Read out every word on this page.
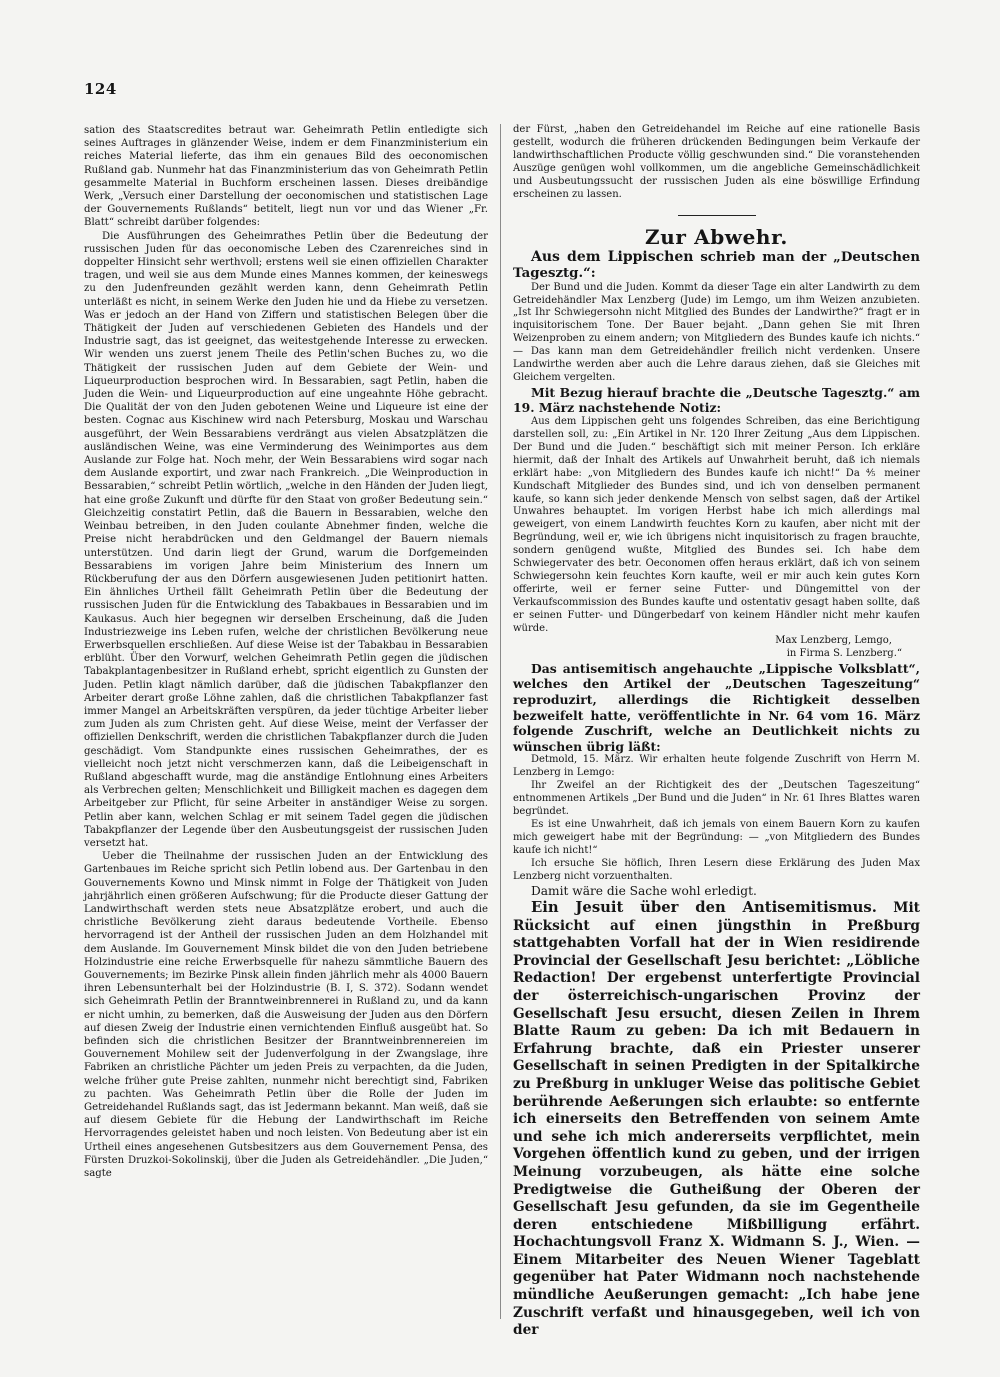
124

sation des Staatscredites betraut war. Geheimrath Petlin entledigte sich seines Auftrages in glänzender Weise, indem er dem Finanzministerium ein reiches Material lieferte, das ihm ein genaues Bild des oeconomischen Rußland gab. Nunmehr hat das Finanzministerium das von Geheimrath Petlin gesammelte Material in Buchform erscheinen lassen. Dieses dreibändige Werk, „Versuch einer Darstellung der oeconomischen und statistischen Lage der Gouvernements Rußlands“ betitelt, liegt nun vor und das Wiener „Fr. Blatt“ schreibt darüber folgendes:

Die Ausführungen des Geheimrathes Petlin über die Bedeutung der russischen Juden für das oeconomische Leben des Czarenreiches sind in doppelter Hinsicht sehr werthvoll; erstens weil sie einen offiziellen Charakter tragen, und weil sie aus dem Munde eines Mannes kommen, der keineswegs zu den Judenfreunden gezählt werden kann, denn Geheimrath Petlin unterläßt es nicht, in seinem Werke den Juden hie und da Hiebe zu versetzen. Was er jedoch an der Hand von Ziffern und statistischen Belegen über die Thätigkeit der Juden auf verschiedenen Gebieten des Handels und der Industrie sagt, das ist geeignet, das weitestgehende Interesse zu erwecken. Wir wenden uns zuerst jenem Theile des Petlin'schen Buches zu, wo die Thätigkeit der russischen Juden auf dem Gebiete der Wein- und Liqueurproduction besprochen wird. In Bessarabien, sagt Petlin, haben die Juden die Wein- und Liqueurproduction auf eine ungeahnte Höhe gebracht. Die Qualität der von den Juden gebotenen Weine und Liqueure ist eine der besten. Cognac aus Kischinew wird nach Petersburg, Moskau und Warschau ausgeführt, der Wein Bessarabiens verdrängt aus vielen Absatzplätzen die ausländischen Weine, was eine Verminderung des Weinimportes aus dem Auslande zur Folge hat. Noch mehr, der Wein Bessarabiens wird sogar nach dem Auslande exportirt, und zwar nach Frankreich. „Die Weinproduction in Bessarabien,“ schreibt Petlin wörtlich, „welche in den Händen der Juden liegt, hat eine große Zukunft und dürfte für den Staat von großer Bedeutung sein.“ Gleichzeitig constatirt Petlin, daß die Bauern in Bessarabien, welche den Weinbau betreiben, in den Juden coulante Abnehmer finden, welche die Preise nicht herabdrücken und den Geldmangel der Bauern niemals unterstützen. Und darin liegt der Grund, warum die Dorfgemeinden Bessarabiens im vorigen Jahre beim Ministerium des Innern um Rückberufung der aus den Dörfern ausgewiesenen Juden petitionirt hatten. Ein ähnliches Urtheil fällt Geheimrath Petlin über die Bedeutung der russischen Juden für die Entwicklung des Tabakbaues in Bessarabien und im Kaukasus. Auch hier begegnen wir derselben Erscheinung, daß die Juden Industriezweige ins Leben rufen, welche der christlichen Bevölkerung neue Erwerbsquellen erschließen. Auf diese Weise ist der Tabakbau in Bessarabien erblüht. Über den Vorwurf, welchen Geheimrath Petlin gegen die jüdischen Tabakplantagenbesitzer in Rußland erhebt, spricht eigentlich zu Gunsten der Juden. Petlin klagt nämlich darüber, daß die jüdischen Tabakpflanzer den Arbeiter derart große Löhne zahlen, daß die christlichen Tabakpflanzer fast immer Mangel an Arbeitskräften verspüren, da jeder tüchtige Arbeiter lieber zum Juden als zum Christen geht. Auf diese Weise, meint der Verfasser der offiziellen Denkschrift, werden die christlichen Tabakpflanzer durch die Juden geschädigt. Vom Standpunkte eines russischen Geheimrathes, der es vielleicht noch jetzt nicht verschmerzen kann, daß die Leibeigenschaft in Rußland abgeschafft wurde, mag die anständige Entlohnung eines Arbeiters als Verbrechen gelten; Menschlichkeit und Billigkeit machen es dagegen dem Arbeitgeber zur Pflicht, für seine Arbeiter in anständiger Weise zu sorgen. Petlin aber kann, welchen Schlag er mit seinem Tadel gegen die jüdischen Tabakpflanzer der Legende über den Ausbeutungsgeist der russischen Juden versetzt hat.

Ueber die Theilnahme der russischen Juden an der Entwicklung des Gartenbaues im Reiche spricht sich Petlin lobend aus. Der Gartenbau in den Gouvernements Kowno und Minsk nimmt in Folge der Thätigkeit von Juden jahrjährlich einen größeren Aufschwung; für die Producte dieser Gattung der Landwirthschaft werden stets neue Absatzplätze erobert, und auch die christliche Bevölkerung zieht daraus bedeutende Vortheile. Ebenso hervorragend ist der Antheil der russischen Juden an dem Holzhandel mit dem Auslande. Im Gouvernement Minsk bildet die von den Juden betriebene Holzindustrie eine reiche Erwerbsquelle für nahezu sämmtliche Bauern des Gouvernements; im Bezirke Pinsk allein finden jährlich mehr als 4000 Bauern ihren Lebensunterhalt bei der Holzindustrie (B. I, S. 372). Sodann wendet sich Geheimrath Petlin der Branntweinbrennerei in Rußland zu, und da kann er nicht umhin, zu bemerken, daß die Ausweisung der Juden aus den Dörfern auf diesen Zweig der Industrie einen vernichtenden Einfluß ausgeübt hat. So befinden sich die christlichen Besitzer der Branntweinbrennereien im Gouvernement Mohilew seit der Judenverfolgung in der Zwangslage, ihre Fabriken an christliche Pächter um jeden Preis zu verpachten, da die Juden, welche früher gute Preise zahlten, nunmehr nicht berechtigt sind, Fabriken zu pachten. Was Geheimrath Petlin über die Rolle der Juden im Getreidehandel Rußlands sagt, das ist Jedermann bekannt. Man weiß, daß sie auf diesem Gebiete für die Hebung der Landwirthschaft im Reiche Hervorragendes geleistet haben und noch leisten. Von Bedeutung aber ist ein Urtheil eines angesehenen Gutsbesitzers aus dem Gouvernement Pensa, des Fürsten Druzkoi-Sokolinskij, über die Juden als Getreidehändler. „Die Juden,“ sagte

der Fürst, „haben den Getreidehandel im Reiche auf eine rationelle Basis gestellt, wodurch die früheren drückenden Bedingungen beim Verkaufe der landwirthschaftlichen Producte völlig geschwunden sind.“ Die voranstehenden Auszüge genügen wohl vollkommen, um die angebliche Gemeinschädlichkeit und Ausbeutungssucht der russischen Juden als eine böswillige Erfindung erscheinen zu lassen.

Zur Abwehr.

Aus dem Lippischen schrieb man der „Deutschen Tagesztg.“:

Der Bund und die Juden. Kommt da dieser Tage ein alter Landwirth zu dem Getreidehändler Max Lenzberg (Jude) im Lemgo, um ihm Weizen anzubieten. „Ist Ihr Schwiegersohn nicht Mitglied des Bundes der Landwirthe?“ fragt er in inquisitorischem Tone. Der Bauer bejaht. „Dann gehen Sie mit Ihren Weizenproben zu einem andern; von Mitgliedern des Bundes kaufe ich nichts.“ — Das kann man dem Getreidehändler freilich nicht verdenken. Unsere Landwirthe werden aber auch die Lehre daraus ziehen, daß sie Gleiches mit Gleichem vergelten.

Mit Bezug hierauf brachte die „Deutsche Tagesztg.“ am 19. März nachstehende Notiz:

Aus dem Lippischen geht uns folgendes Schreiben, das eine Berichtigung darstellen soll, zu: „Ein Artikel in Nr. 120 Ihrer Zeitung „Aus dem Lippischen. Der Bund und die Juden.“ beschäftigt sich mit meiner Person. Ich erkläre hiermit, daß der Inhalt des Artikels auf Unwahrheit beruht, daß ich niemals erklärt habe: „von Mitgliedern des Bundes kaufe ich nicht!“ Da ⅘ meiner Kundschaft Mitglieder des Bundes sind, und ich von denselben permanent kaufe, so kann sich jeder denkende Mensch von selbst sagen, daß der Artikel Unwahres behauptet. Im vorigen Herbst habe ich mich allerdings mal geweigert, von einem Landwirth feuchtes Korn zu kaufen, aber nicht mit der Begründung, weil er, wie ich übrigens nicht inquisitorisch zu fragen brauchte, sondern genügend wußte, Mitglied des Bundes sei. Ich habe dem Schwiegervater des betr. Oeconomen offen heraus erklärt, daß ich von seinem Schwiegersohn kein feuchtes Korn kaufte, weil er mir auch kein gutes Korn offerirte, weil er ferner seine Futter- und Düngemittel von der Verkaufscommission des Bundes kaufte und ostentativ gesagt haben sollte, daß er seinen Futter- und Düngerbedarf von keinem Händler nicht mehr kaufen würde.

Max Lenzberg, Lemgo,
in Firma S. Lenzberg.“

Das antisemitisch angehauchte „Lippische Volksblatt“, welches den Artikel der „Deutschen Tageszeitung“ reproduzirt, allerdings die Richtigkeit desselben bezweifelt hatte, veröffentlichte in Nr. 64 vom 16. März folgende Zuschrift, welche an Deutlichkeit nichts zu wünschen übrig läßt:

Detmold, 15. März. Wir erhalten heute folgende Zuschrift von Herrn M. Lenzberg in Lemgo:

Ihr Zweifel an der Richtigkeit des der „Deutschen Tageszeitung“ entnommenen Artikels „Der Bund und die Juden“ in Nr. 61 Ihres Blattes waren begründet.

Es ist eine Unwahrheit, daß ich jemals von einem Bauern Korn zu kaufen mich geweigert habe mit der Begründung: — „von Mitgliedern des Bundes kaufe ich nicht!“

Ich ersuche Sie höflich, Ihren Lesern diese Erklärung des Juden Max Lenzberg nicht vorzuenthalten.

Damit wäre die Sache wohl erledigt.

Ein Jesuit über den Antisemitismus. Mit Rücksicht auf einen jüngsthin in Preßburg stattgehabten Vorfall hat der in Wien residirende Provincial der Gesellschaft Jesu berichtet: „Löbliche Redaction! Der ergebenst unterfertigte Provincial der österreichisch-ungarischen Provinz der Gesellschaft Jesu ersucht, diesen Zeilen in Ihrem Blatte Raum zu geben: Da ich mit Bedauern in Erfahrung brachte, daß ein Priester unserer Gesellschaft in seinen Predigten in der Spitalkirche zu Preßburg in unkluger Weise das politische Gebiet berührende Aeßerungen sich erlaubte: so entfernte ich einerseits den Betreffenden von seinem Amte und sehe ich mich andererseits verpflichtet, mein Vorgehen öffentlich kund zu geben, und der irrigen Meinung vorzubeugen, als hätte eine solche Predigtweise die Gutheißung der Oberen der Gesellschaft Jesu gefunden, da sie im Gegentheile deren entschiedene Mißbilligung erfährt. Hochachtungsvoll Franz X. Widmann S. J., Wien. — Einem Mitarbeiter des Neuen Wiener Tageblatt gegenüber hat Pater Widmann noch nachstehende mündliche Aeußerungen gemacht: „Ich habe jene Zuschrift verfaßt und hinausgegeben, weil ich von der
